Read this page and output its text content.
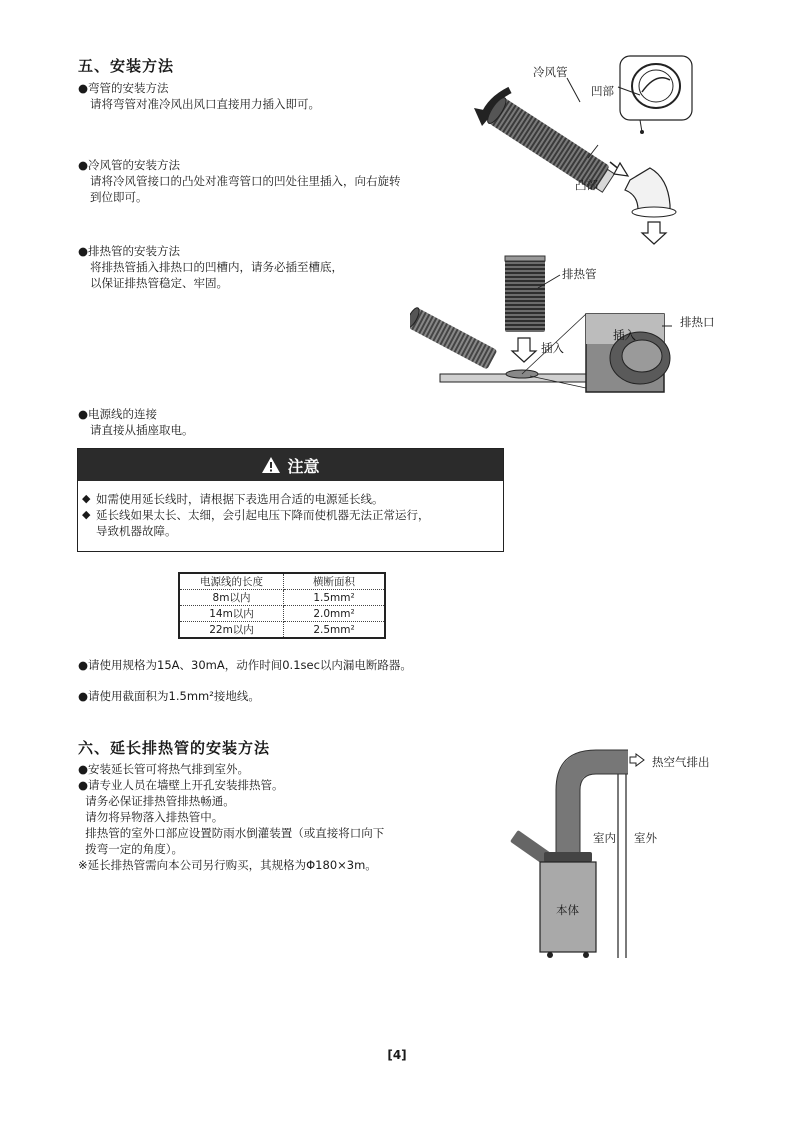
五、安装方法
●弯管的安装方法
请将弯管对准冷风出风口直接用力插入即可。
●冷风管的安装方法
请将冷风管接口的凸处对准弯管口的凹处往里插入，向右旋转
到位即可。
●排热管的安装方法
将排热管插入排热口的凹槽内，请务必插至槽底，
以保证排热管稳定、牢固。
●电源线的连接
请直接从插座取电。
冷风管
凹部
凸部
排热管
排热口
插入
插入
注意
◆ 如需使用延长线时，请根据下表选用合适的电源延长线。
◆ 延长线如果太长、太细，会引起电压下降而使机器无法正常运行，
导致机器故障。
电源线的长度	横断面积
8m以内	1.5mm²
14m以内	2.0mm²
22m以内	2.5mm²
●请使用规格为15A、30mA，动作时间0.1sec以内漏电断路器。
●请使用截面积为1.5mm²接地线。
六、延长排热管的安装方法
●安装延长管可将热气排到室外。
●请专业人员在墙壁上开孔安装排热管。
请务必保证排热管排热畅通。
请勿将异物落入排热管中。
排热管的室外口部应设置防雨水倒灌装置（或直接将口向下
拨弯一定的角度）。
※延长排热管需向本公司另行购买，其规格为Φ180×3m。
热空气排出
室内 室外
本体
[4]
